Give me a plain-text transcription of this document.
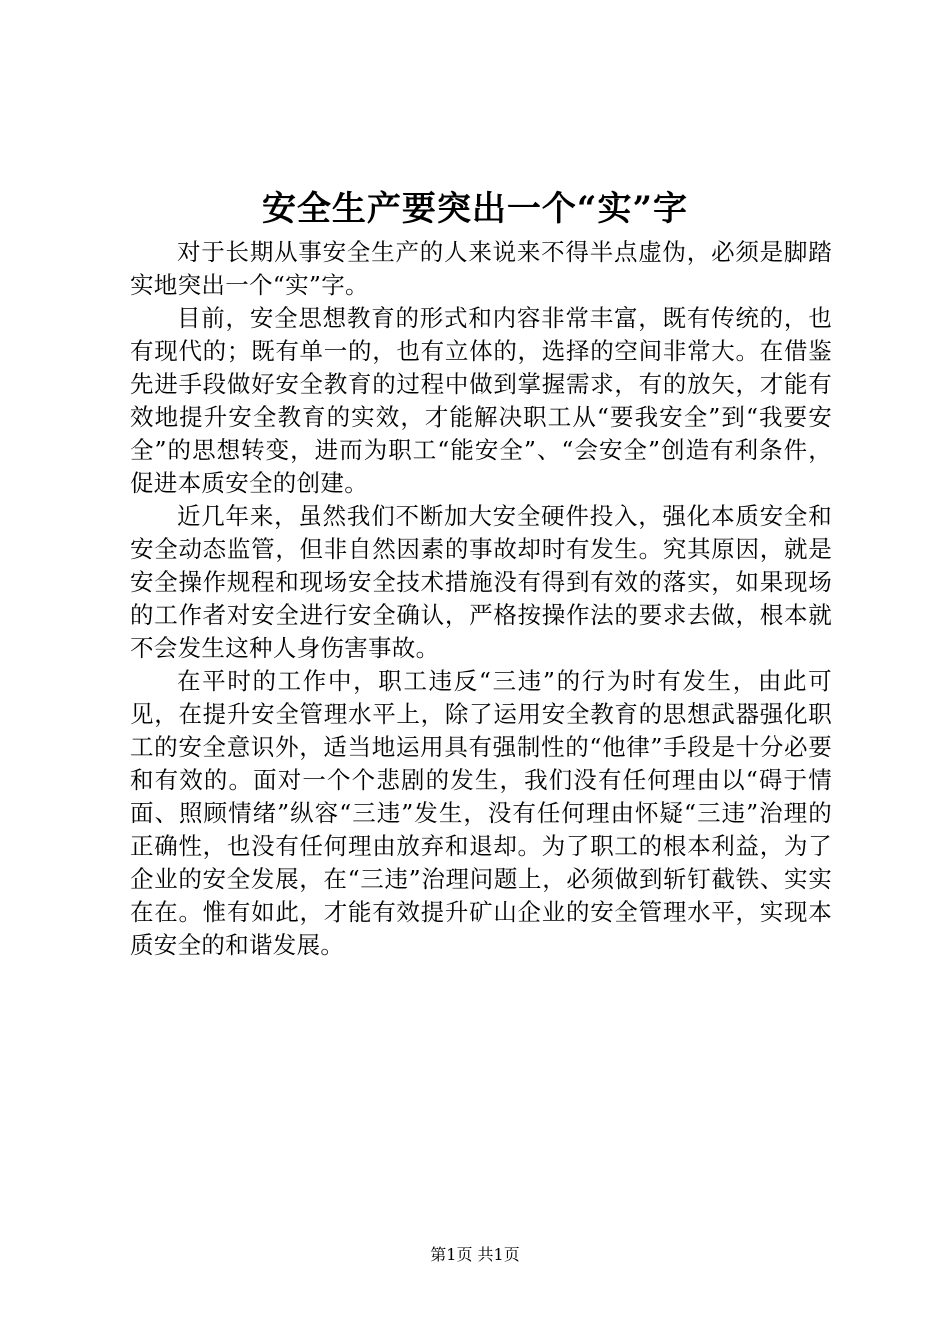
安全生产要突出一个“实”字

对于长期从事安全生产的人来说来不得半点虚伪，必须是脚踏实地突出一个“实”字。

目前，安全思想教育的形式和内容非常丰富，既有传统的，也有现代的；既有单一的，也有立体的，选择的空间非常大。在借鉴先进手段做好安全教育的过程中做到掌握需求，有的放矢，才能有效地提升安全教育的实效，才能解决职工从“要我安全”到“我要安全”的思想转变，进而为职工“能安全”、“会安全”创造有利条件，促进本质安全的创建。

近几年来，虽然我们不断加大安全硬件投入，强化本质安全和安全动态监管，但非自然因素的事故却时有发生。究其原因，就是安全操作规程和现场安全技术措施没有得到有效的落实，如果现场的工作者对安全进行安全确认，严格按操作法的要求去做，根本就不会发生这种人身伤害事故。

在平时的工作中，职工违反“三违”的行为时有发生，由此可见，在提升安全管理水平上，除了运用安全教育的思想武器强化职工的安全意识外，适当地运用具有强制性的“他律”手段是十分必要和有效的。面对一个个悲剧的发生，我们没有任何理由以“碍于情面、照顾情绪”纵容“三违”发生，没有任何理由怀疑“三违”治理的正确性，也没有任何理由放弃和退却。为了职工的根本利益，为了企业的安全发展，在“三违”治理问题上，必须做到斩钉截铁、实实在在。惟有如此，才能有效提升矿山企业的安全管理水平，实现本质安全的和谐发展。

第1页 共1页
